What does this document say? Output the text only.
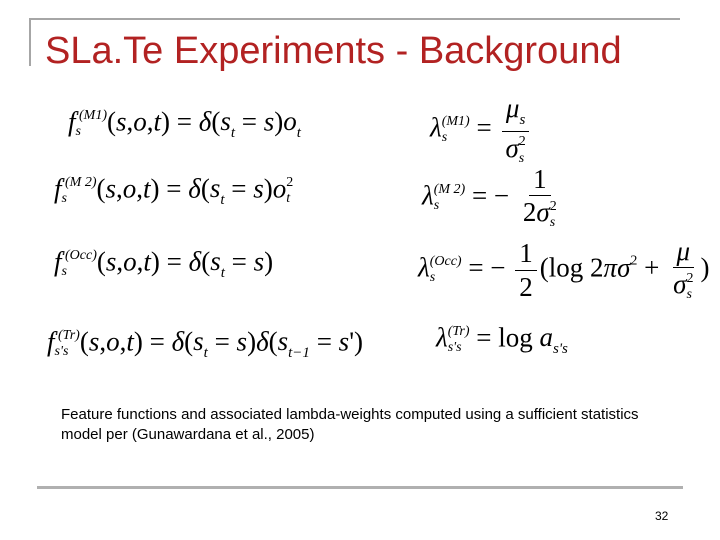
SLa.Te Experiments - Background
f ·(M1)
s $(s,o,t) = \delta(s_t = s)o_t$
f ·(M 2)
s	$(s,o,t) = \delta(s_t = s)o$ 2
t
f ·(Occ)
s	$(s,o,t) = \delta(s_t = s)$
f ·(Tr)
s's $(s,o,t) = \delta(s_t = s)\delta(s_{t-1} = s')$
λ (M1)
$s = \mu_s$
σ 2
s
λ (M 2)
s = − 1
2σ 2
s
λ (Occ)
s = − $\frac{1}{2} (\log$ $2\pi\sigma^2 + \mu$
σ 2
s )
λ (Tr)
$s's = \log a_{s's}$
Feature functions and associated lambda-weights computed using a sufficient statistics model per (Gunawardana et al., 2005)
32
